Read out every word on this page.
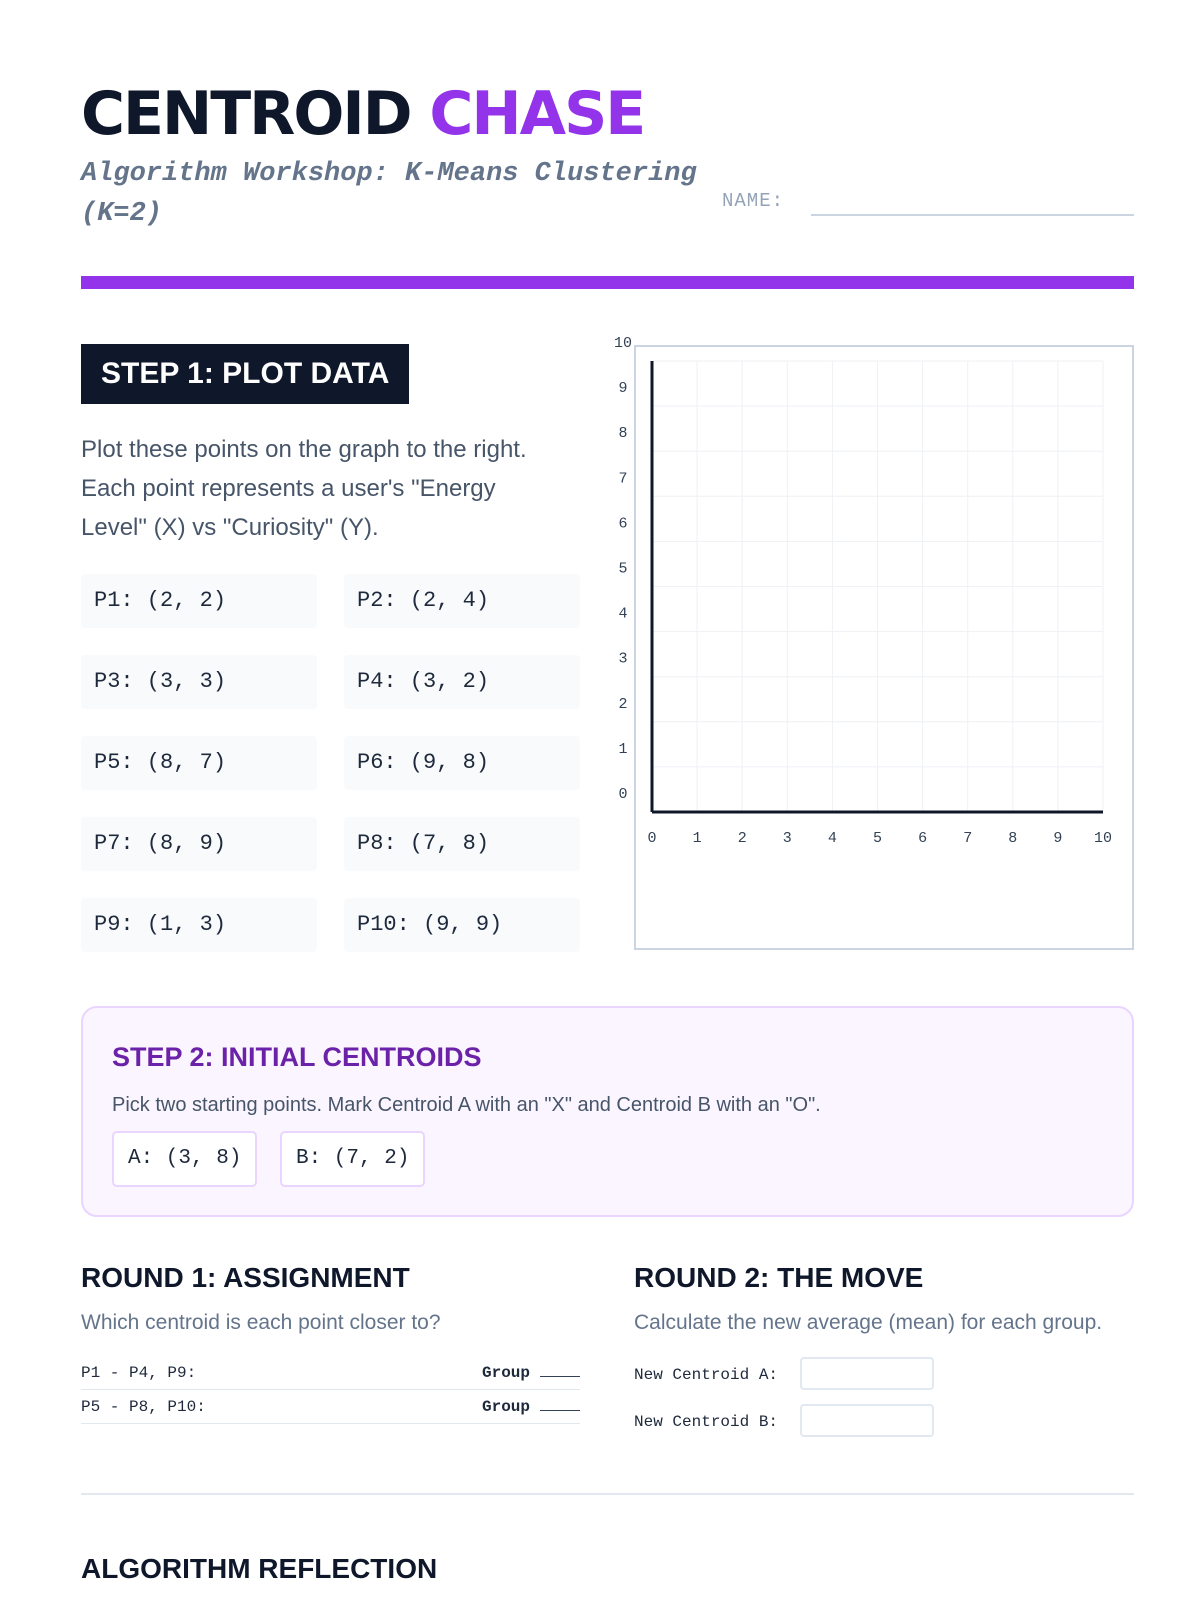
CENTROID CHASE
Algorithm Workshop: K-Means Clustering (K=2)	NAME:
STEP 1: PLOT DATA
Plot these points on the graph to the right. Each point represents a user's "Energy Level" (X) vs "Curiosity" (Y).
P1: (2, 2)	P2: (2, 4)
P3: (3, 3)	P4: (3, 2)
P5: (8, 7)	P6: (9, 8)
P7: (8, 9)	P8: (7, 8)
P9: (1, 3)	P10: (9, 9)
0 1 2 3 4 5 6 7 8 9 10
0
1
2
3
4
5
6
7
8
9
10
STEP 2: INITIAL CENTROIDS
Pick two starting points. Mark Centroid A with an "X" and Centroid B with an "O".
A: (3, 8)	B: (7, 2)
ROUND 1: ASSIGNMENT
Which centroid is each point closer to?
P1 - P4, P9:	Group
P5 - P8, P10:	Group
ROUND 2: THE MOVE
Calculate the new average (mean) for each group.
New Centroid A:
New Centroid B:
ALGORITHM REFLECTION
